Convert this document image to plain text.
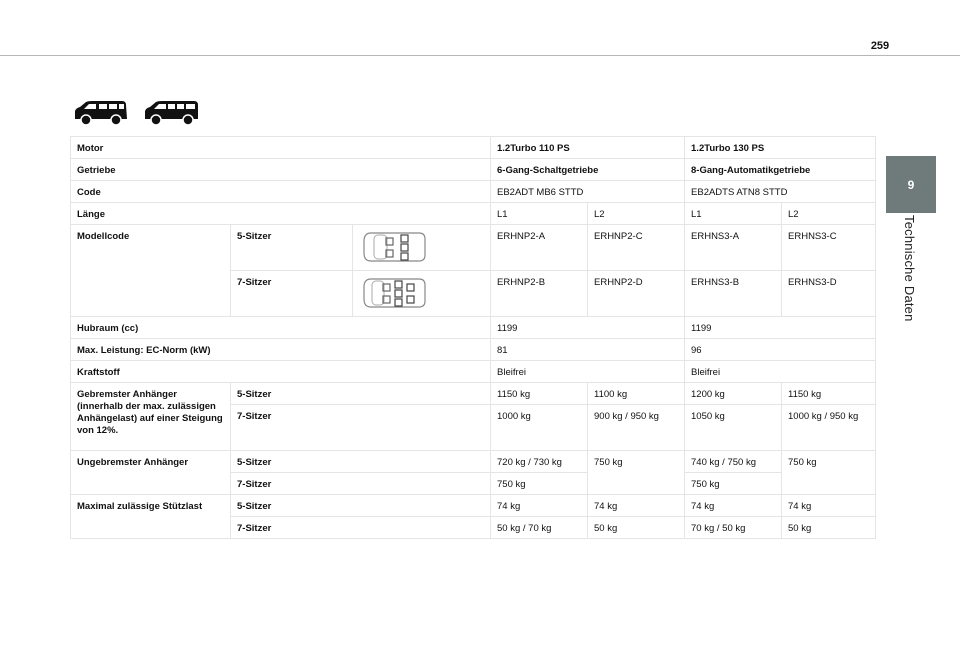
259
9
Technische Daten
Motor			1.2Turbo 110 PS		1.2Turbo 130 PS	
Getriebe			6-Gang-Schaltgetriebe		8-Gang-Automatikgetriebe	
Code			EB2ADT MB6 STTD		EB2ADTS ATN8 STTD	
Länge			L1	L2	L1	L2
Modellcode	5-Sitzer		ERHNP2-A	ERHNP2-C	ERHNS3-A	ERHNS3-C
	7-Sitzer		ERHNP2-B	ERHNP2-D	ERHNS3-B	ERHNS3-D
Hubraum (cc)			1199		1199	
Max. Leistung: EC-Norm (kW)			81		96	
Kraftstoff			Bleifrei		Bleifrei	
Gebremster Anhänger (innerhalb der max. zulässigen Anhängelast) auf einer Steigung von 12%.	5-Sitzer		1150 kg	1100 kg	1200 kg	1150 kg
	7-Sitzer		1000 kg	900 kg / 950 kg	1050 kg	1000 kg / 950 kg
Ungebremster Anhänger	5-Sitzer		720 kg / 730 kg	750 kg	740 kg / 750 kg	750 kg
	7-Sitzer		750 kg		750 kg	
Maximal zulässige Stützlast	5-Sitzer		74 kg	74 kg	74 kg	74 kg
	7-Sitzer		50 kg / 70 kg	50 kg	70 kg / 50 kg	50 kg
